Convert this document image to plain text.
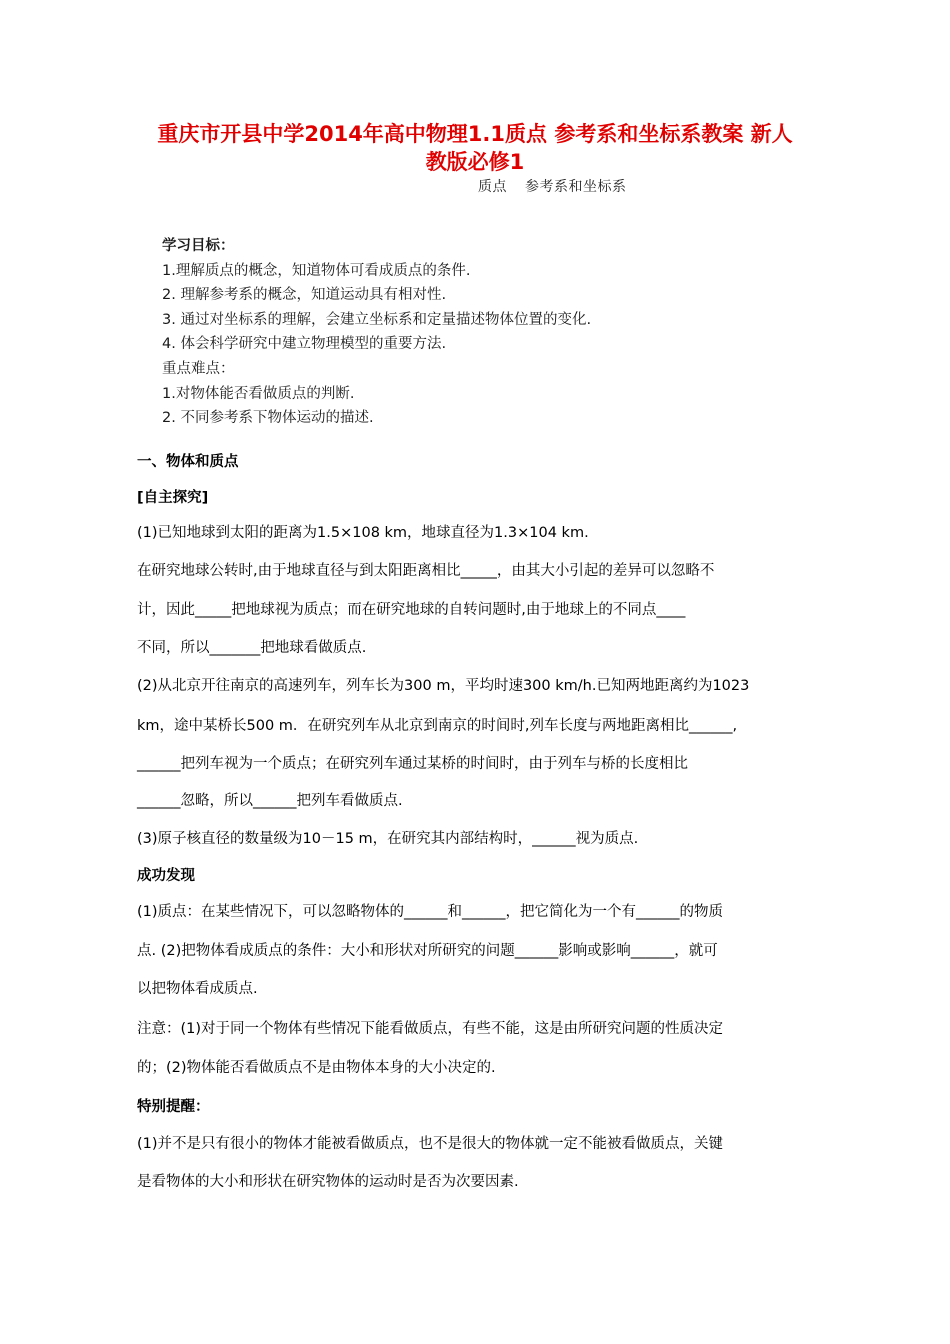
重庆市开县中学2014年高中物理1.1质点 参考系和坐标系教案 新人
教版必修1
质点 参考系和坐标系
学习目标：
1.理解质点的概念，知道物体可看成质点的条件.
2. 理解参考系的概念，知道运动具有相对性.
3. 通过对坐标系的理解，会建立坐标系和定量描述物体位置的变化.
4. 体会科学研究中建立物理模型的重要方法.
重点难点：
1.对物体能否看做质点的判断.
2. 不同参考系下物体运动的描述.
一、物体和质点
[自主探究]
(1)已知地球到太阳的距离为1.5×108 km，地球直径为1.3×104 km.
在研究地球公转时,由于地球直径与到太阳距离相比_____，由其大小引起的差异可以忽略不
计，因此_____把地球视为质点；而在研究地球的自转问题时,由于地球上的不同点____
不同，所以_______把地球看做质点.
(2)从北京开往南京的高速列车，列车长为300 m，平均时速300 km/h.已知两地距离约为1023
km，途中某桥长500 m．在研究列车从北京到南京的时间时,列车长度与两地距离相比______,
______把列车视为一个质点；在研究列车通过某桥的时间时，由于列车与桥的长度相比
______忽略，所以______把列车看做质点.
(3)原子核直径的数量级为10－15 m，在研究其内部结构时，______视为质点.
成功发现
(1)质点：在某些情况下，可以忽略物体的______和______，把它简化为一个有______的物质
点. (2)把物体看成质点的条件：大小和形状对所研究的问题______影响或影响______，就可
以把物体看成质点.
注意：(1)对于同一个物体有些情况下能看做质点，有些不能，这是由所研究问题的性质决定
的；(2)物体能否看做质点不是由物体本身的大小决定的.
特别提醒：
(1)并不是只有很小的物体才能被看做质点，也不是很大的物体就一定不能被看做质点，关键
是看物体的大小和形状在研究物体的运动时是否为次要因素.
